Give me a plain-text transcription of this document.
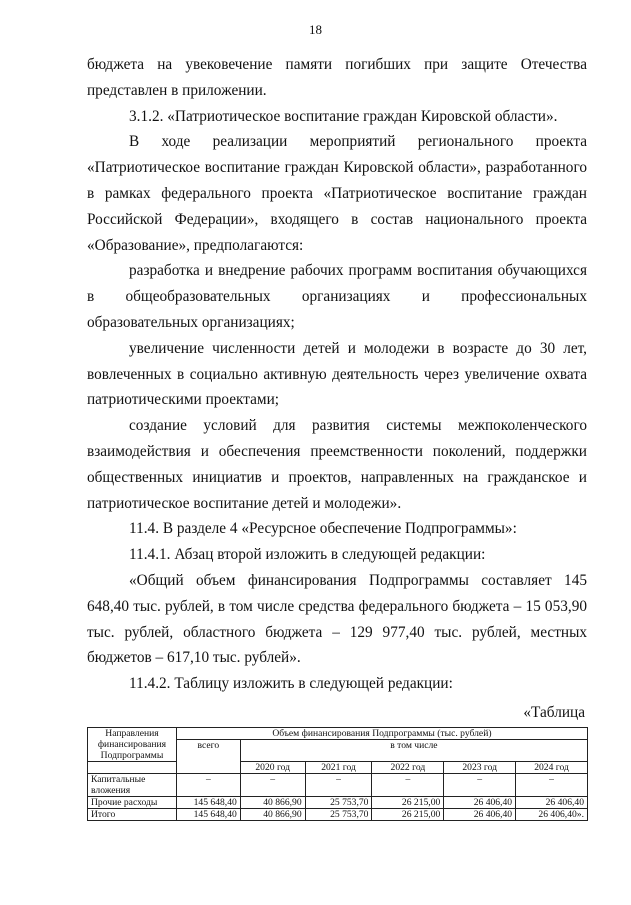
18

бюджета на увековечение памяти погибших при защите Отечества представлен в приложении.

3.1.2. «Патриотическое воспитание граждан Кировской области».

В ходе реализации мероприятий регионального проекта «Патриотическое воспитание граждан Кировской области», разработанного в рамках федерального проекта «Патриотическое воспитание граждан Российской Федерации», входящего в состав национального проекта «Образование», предполагаются:

разработка и внедрение рабочих программ воспитания обучающихся в общеобразовательных организациях и профессиональных образовательных организациях;

увеличение численности детей и молодежи в возрасте до 30 лет, вовлеченных в социально активную деятельность через увеличение охвата патриотическими проектами;

создание условий для развития системы межпоколенческого взаимодействия и обеспечения преемственности поколений, поддержки общественных инициатив и проектов, направленных на гражданское и патриотическое воспитание детей и молодежи».

11.4. В разделе 4 «Ресурсное обеспечение Подпрограммы»:

11.4.1. Абзац второй изложить в следующей редакции:

«Общий объем финансирования Подпрограммы составляет 145 648,40 тыс. рублей, в том числе средства федерального бюджета – 15 053,90 тыс. рублей, областного бюджета – 129 977,40 тыс. рублей, местных бюджетов – 617,10 тыс. рублей».

11.4.2. Таблицу изложить в следующей редакции:

«Таблица
Направления финансирования Подпрограммы	Объем финансирования Подпрограммы (тыс. рублей)					
	всего	в том числе				
		2020 год	2021 год	2022 год	2023 год	2024 год
Капитальные вложения	–	–	–	–	–	–
Прочие расходы	145 648,40	40 866,90	25 753,70	26 215,00	26 406,40	26 406,40
Итого	145 648,40	40 866,90	25 753,70	26 215,00	26 406,40	26 406,40».
